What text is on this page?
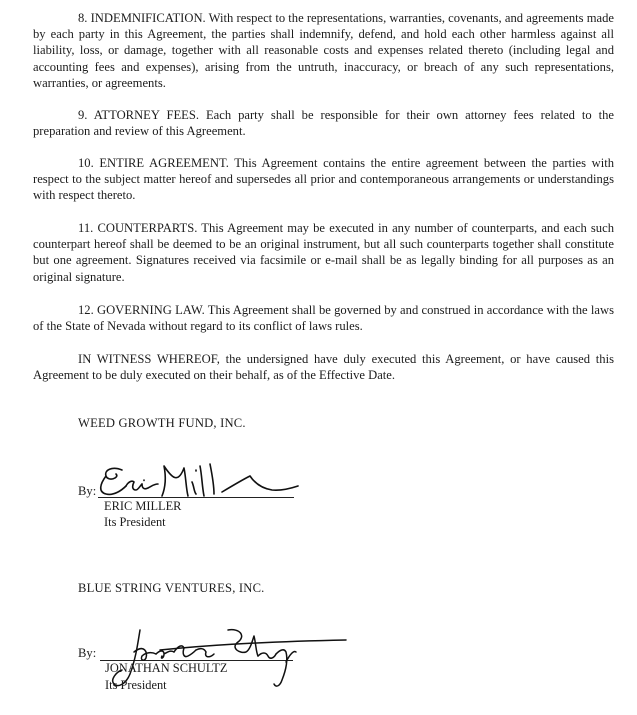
8. INDEMNIFICATION. With respect to the representations, warranties, covenants, and agreements made by each party in this Agreement, the parties shall indemnify, defend, and hold each other harmless against all liability, loss, or damage, together with all reasonable costs and expenses related thereto (including legal and accounting fees and expenses), arising from the untruth, inaccuracy, or breach of any such representations, warranties, or agreements.

9. ATTORNEY FEES. Each party shall be responsible for their own attorney fees related to the preparation and review of this Agreement.

10. ENTIRE AGREEMENT. This Agreement contains the entire agreement between the parties with respect to the subject matter hereof and supersedes all prior and contemporaneous arrangements or understandings with respect thereto.

11. COUNTERPARTS. This Agreement may be executed in any number of counterparts, and each such counterpart hereof shall be deemed to be an original instrument, but all such counterparts together shall constitute but one agreement. Signatures received via facsimile or e-mail shall be as legally binding for all purposes as an original signature.

12. GOVERNING LAW. This Agreement shall be governed by and construed in accordance with the laws of the State of Nevada without regard to its conflict of laws rules.

IN WITNESS WHEREOF, the undersigned have duly executed this Agreement, or have caused this Agreement to be duly executed on their behalf, as of the Effective Date.

WEED GROWTH FUND, INC.

By:

ERIC MILLER

Its President

BLUE STRING VENTURES, INC.

By:

JONATHAN SCHULTZ

Its President
